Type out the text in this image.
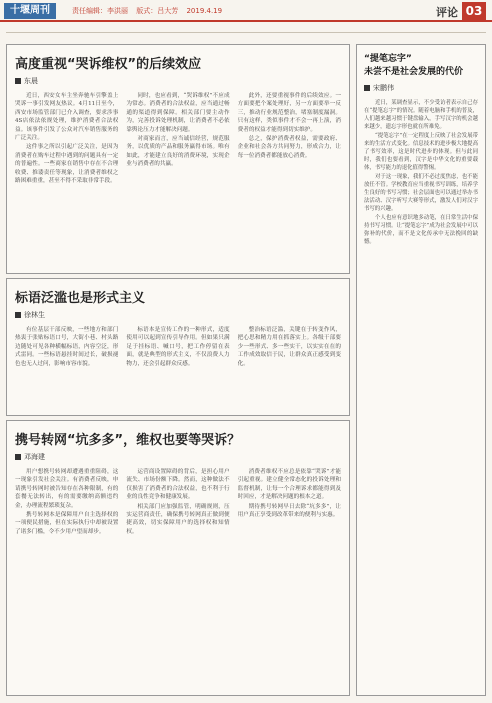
十堰周刊	责任编辑：李洪丽 版式：吕大芳 2019.4.19	评论 03
高度重视“哭诉维权”的后续效应
东晨

近日，西安女车主坐奔驰车引擎盖上哭诉一事引发网友热议。4月11日至今，西安市场监管部门已介入调查，要求涉事4S店依法依规处理，维护消费者合法权益。该事件引发了公众对汽车销售服务的广泛关注。

这件事之所以引起广泛关注，是因为消费者在购车过程中遇到的问题具有一定的普遍性。一些商家在销售中存在不合理收费、推诿责任等现象，让消费者维权之路困难重重，甚至不得不采取非常手段。

同时，也应看到，“哭诉维权”不应成为常态。消费者的合法权益，应当通过畅通的渠道得到保障。相关部门要主动作为，完善投诉处理机制，让消费者不必依靠舆论压力才能解决问题。

对商家而言，应当诚信经营，规范服务，以优质的产品和服务赢得市场。唯有如此，才能建立良好的消费环境，实现企业与消费者的共赢。

此外，还要重视事件的后续效应。一方面要把个案处理好，另一方面要举一反三，推动行业规范整治，堵塞制度漏洞。只有这样，类似事件才不会一再上演，消费者的权益才能得到切实维护。

总之，保护消费者权益，需要政府、企业和社会各方共同努力，形成合力，让每一位消费者都能放心消费。

标语泛滥也是形式主义
徐林生

有位基层干部反映，一些地方和部门热衷于张贴标语口号，大街小巷、村头路边随处可见各种横幅标语，内容空泛，形式雷同。一些标语悬挂时间过长，破损褪色也无人过问，影响市容市貌。

标语本是宣传工作的一种形式，适度使用可以起到宣传引导作用。但如果只满足于挂标语、喊口号，把工作停留在表面，就是典型的形式主义，不仅浪费人力物力，还会引起群众反感。

整治标语泛滥，关键在于转变作风，把心思和精力用在抓落实上。各级干部要少一些形式、多一些实干，以实实在在的工作成效取信于民，让群众真正感受到变化。

携号转网“坑多多”，维权也要等哭诉？
邓海建

用户想携号转网却遭遇重重阻碍，这一现象引发社会关注。有消费者反映，申请携号转网时被告知存在各种限制，有的套餐无法转出，有的需要缴纳高额违约金，办理流程繁琐复杂。

携号转网本是保障用户自主选择权的一项便民措施，但在实际执行中却被设置了诸多门槛，令不少用户望而却步。

运营商设置障碍的背后，是担心用户流失、市场份额下降。然而，这种做法不仅损害了消费者的合法权益，也不利于行业的良性竞争和健康发展。

相关部门应加强监管，明确规则，压实运营商责任，确保携号转网真正做到便捷高效，切实保障用户的选择权和知情权。

消费者维权不应总是依靠“哭诉”才能引起重视。建立健全常态化的投诉处理和监督机制，让每一个合理诉求都能得到及时回应，才是解决问题的根本之道。

期待携号转网早日去除“坑多多”，让用户真正享受到改革带来的便利与实惠。

“提笔忘字”
未尝不是社会发展的代价
宋鹏伟

近日，某调查显示，不少受访者表示自己存在“提笔忘字”的情况。随着电脑和手机的普及，人们越来越习惯于键盘输入，手写汉字的机会越来越少，遗忘字形也就在所难免。

“提笔忘字”在一定程度上反映了社会发展带来的生活方式变化。信息技术的进步极大地提高了书写效率，这是时代进步的体现。但与此同时，我们也要看到，汉字是中华文化的重要载体，书写能力的退化值得警惕。

对于这一现象，我们不必过度焦虑，也不能放任不管。学校教育应当重视书写训练，培养学生良好的书写习惯；社会层面也可以通过举办书法活动、汉字听写大赛等形式，激发人们对汉字书写的兴趣。

个人也应有意识地多动笔，在日常生活中保持书写习惯。让“提笔忘字”成为社会发展中可以弥补的代价，而不是文化传承中无法挽回的缺憾。
